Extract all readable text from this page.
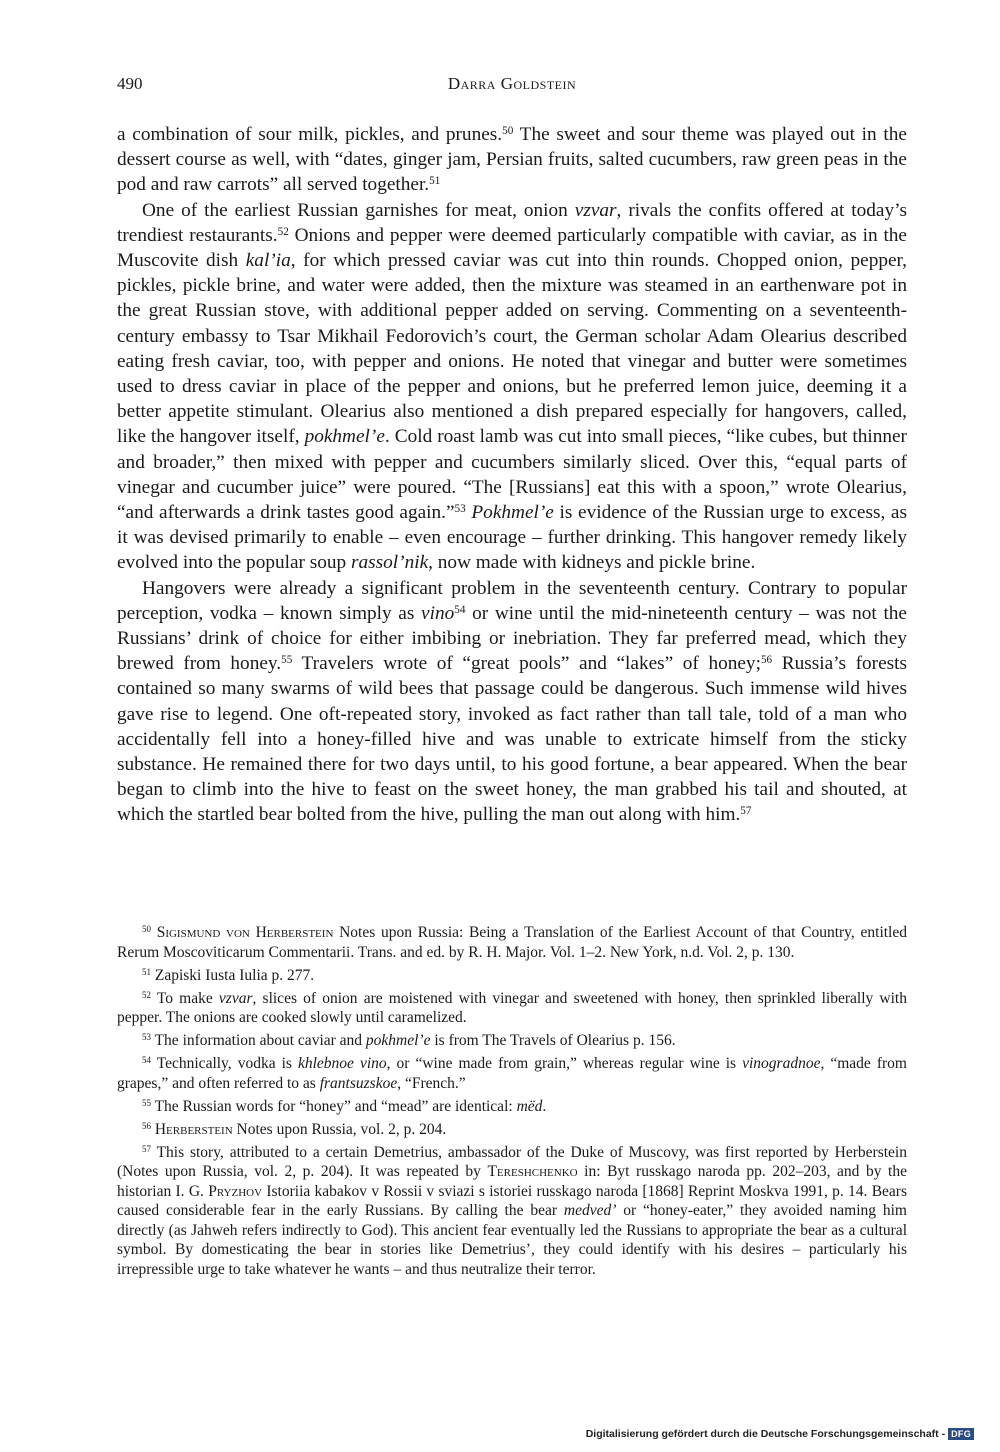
490	Darra Goldstein

a combination of sour milk, pickles, and prunes.$^{50}$ The sweet and sour theme was played out in the dessert course as well, with “dates, ginger jam, Persian fruits, salted cucumbers, raw green peas in the pod and raw carrots” all served together.$^{51}$

One of the earliest Russian garnishes for meat, onion vzvar, rivals the confits offered at today’s trendiest restaurants.$^{52}$ Onions and pepper were deemed particularly compatible with caviar, as in the Muscovite dish kal’ia, for which pressed caviar was cut into thin rounds. Chopped onion, pepper, pickles, pickle brine, and water were added, then the mixture was steamed in an earthenware pot in the great Russian stove, with additional pepper added on serving. Commenting on a seventeenth-century embassy to Tsar Mikhail Fedorovich’s court, the German scholar Adam Olearius described eating fresh caviar, too, with pepper and onions. He noted that vinegar and butter were sometimes used to dress caviar in place of the pepper and onions, but he preferred lemon juice, deeming it a better appetite stimulant. Olearius also mentioned a dish prepared especially for hangovers, called, like the hangover itself, pokhmel’e. Cold roast lamb was cut into small pieces, “like cubes, but thinner and broader,” then mixed with pepper and cucumbers similarly sliced. Over this, “equal parts of vinegar and cucumber juice” were poured. “The [Russians] eat this with a spoon,” wrote Olearius, “and afterwards a drink tastes good again.”$^{53}$ Pokhmel’e is evidence of the Russian urge to excess, as it was devised primarily to enable – even encourage – further drinking. This hangover remedy likely evolved into the popular soup rassol’nik, now made with kidneys and pickle brine.

Hangovers were already a significant problem in the seventeenth century. Contrary to popular perception, vodka – known simply as vino$^{54}$ or wine until the mid-nineteenth century – was not the Russians’ drink of choice for either imbibing or inebriation. They far preferred mead, which they brewed from honey.$^{55}$ Travelers wrote of “great pools” and “lakes” of honey;$^{56}$ Russia’s forests contained so many swarms of wild bees that passage could be dangerous. Such immense wild hives gave rise to legend. One oft-repeated story, invoked as fact rather than tall tale, told of a man who accidentally fell into a honey-filled hive and was unable to extricate himself from the sticky substance. He remained there for two days until, to his good fortune, a bear appeared. When the bear began to climb into the hive to feast on the sweet honey, the man grabbed his tail and shouted, at which the startled bear bolted from the hive, pulling the man out along with him.$^{57}$

$^{50}$ Sigismund von Herberstein Notes upon Russia: Being a Translation of the Earliest Account of that Country, entitled Rerum Moscoviticarum Commentarii. Trans. and ed. by R. H. Major. Vol. 1–2. New York, n.d. Vol. 2, p. 130.

$^{51}$ Zapiski Iusta Iulia p. 277.

$^{52}$ To make vzvar, slices of onion are moistened with vinegar and sweetened with honey, then sprinkled liberally with pepper. The onions are cooked slowly until caramelized.

$^{53}$ The information about caviar and pokhmel’e is from The Travels of Olearius p. 156.

$^{54}$ Technically, vodka is khlebnoe vino, or “wine made from grain,” whereas regular wine is vinogradnoe, “made from grapes,” and often referred to as frantsuzskoe, “French.”

$^{55}$ The Russian words for “honey” and “mead” are identical: mëd.

$^{56}$ Herberstein Notes upon Russia, vol. 2, p. 204.

$^{57}$ This story, attributed to a certain Demetrius, ambassador of the Duke of Muscovy, was first reported by Herberstein (Notes upon Russia, vol. 2, p. 204). It was repeated by Tereshchenko in: Byt russkago naroda pp. 202–203, and by the historian I. G. Pryzhov Istoriia kabakov v Rossii v sviazi s istoriei russkago naroda [1868] Reprint Moskva 1991, p. 14. Bears caused considerable fear in the early Russians. By calling the bear medved’ or “honey-eater,” they avoided naming him directly (as Jahweh refers indirectly to God). This ancient fear eventually led the Russians to appropriate the bear as a cultural symbol. By domesticating the bear in stories like Demetrius’, they could identify with his desires – particularly his irrepressible urge to take whatever he wants – and thus neutralize their terror.

Digitalisierung gefördert durch die Deutsche Forschungsgemeinschaft - DFG
